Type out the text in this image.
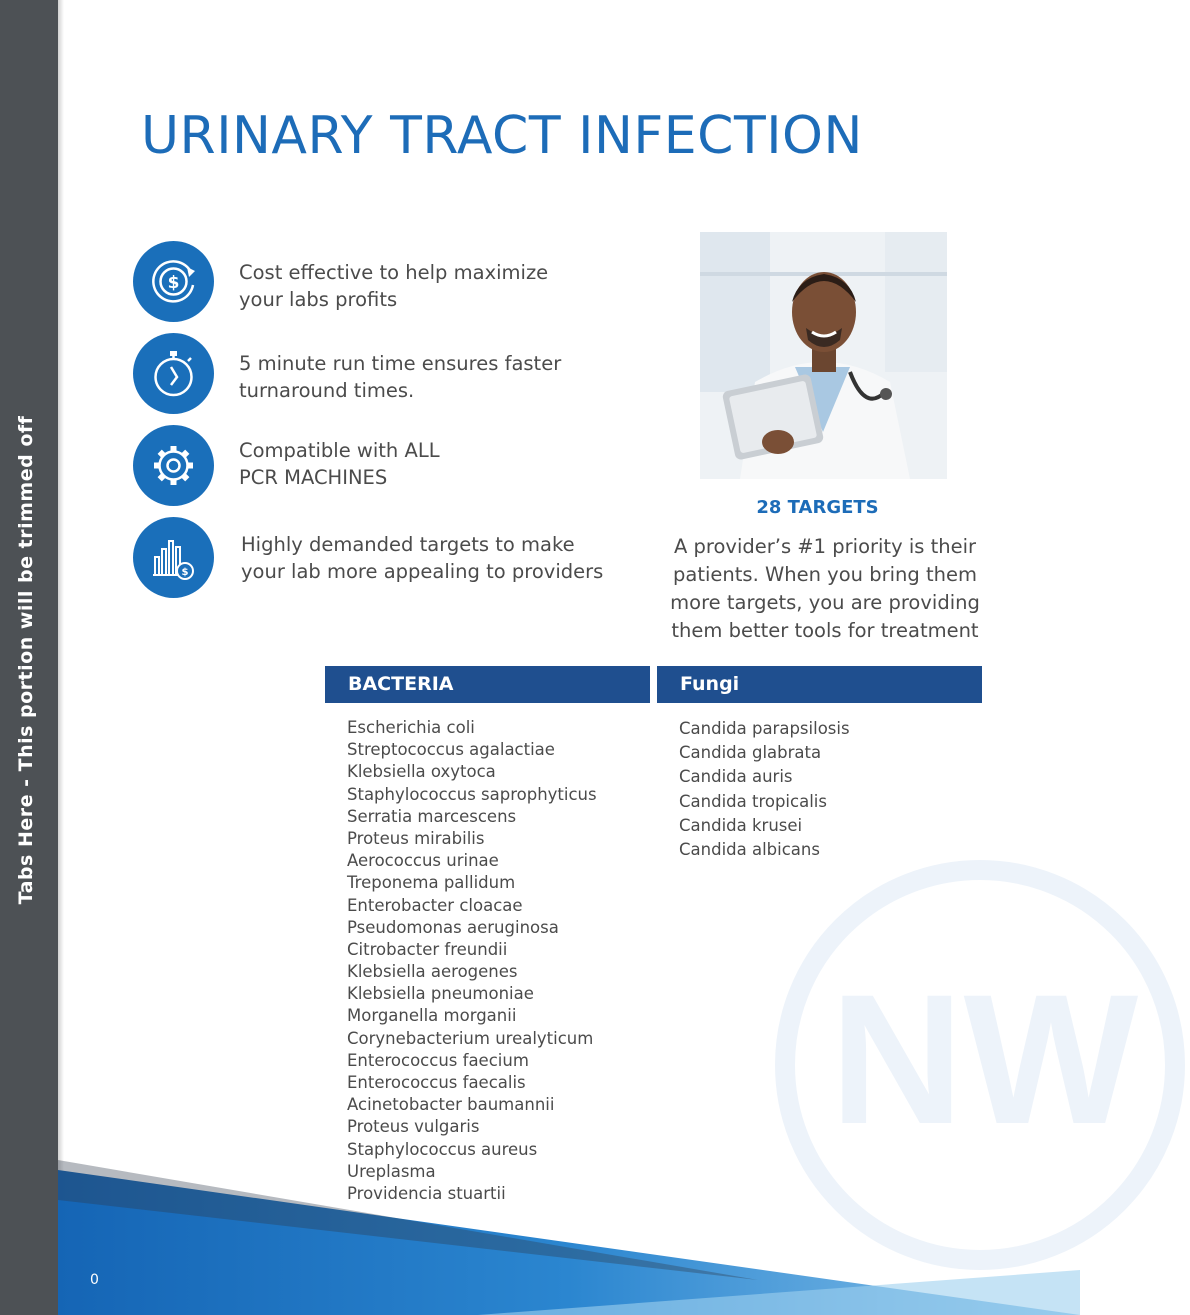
Tabs Here - This portion will be trimmed off
NW
URINARY TRACT INFECTION
$	Cost effective to help maximize
your labs profits
5 minute run time ensures faster
turnaround times.
Compatible with ALL
PCR MACHINES
$
Highly demanded targets to make
your lab more appealing to providers
28 TARGETS
A provider’s #1 priority is their
patients. When you bring them
more targets, you are providing
them better tools for treatment
BACTERIA
Escherichia coli
Streptococcus agalactiae
Klebsiella oxytoca
Staphylococcus saprophyticus
Serratia marcescens
Proteus mirabilis
Aerococcus urinae
Treponema pallidum
Enterobacter cloacae
Pseudomonas aeruginosa
Citrobacter freundii
Klebsiella aerogenes
Klebsiella pneumoniae
Morganella morganii
Corynebacterium urealyticum
Enterococcus faecium
Enterococcus faecalis
Acinetobacter baumannii
Proteus vulgaris
Staphylococcus aureus
Ureplasma
Providencia stuartii
Fungi
Candida parapsilosis
Candida glabrata
Candida auris
Candida tropicalis
Candida krusei
Candida albicans
0
